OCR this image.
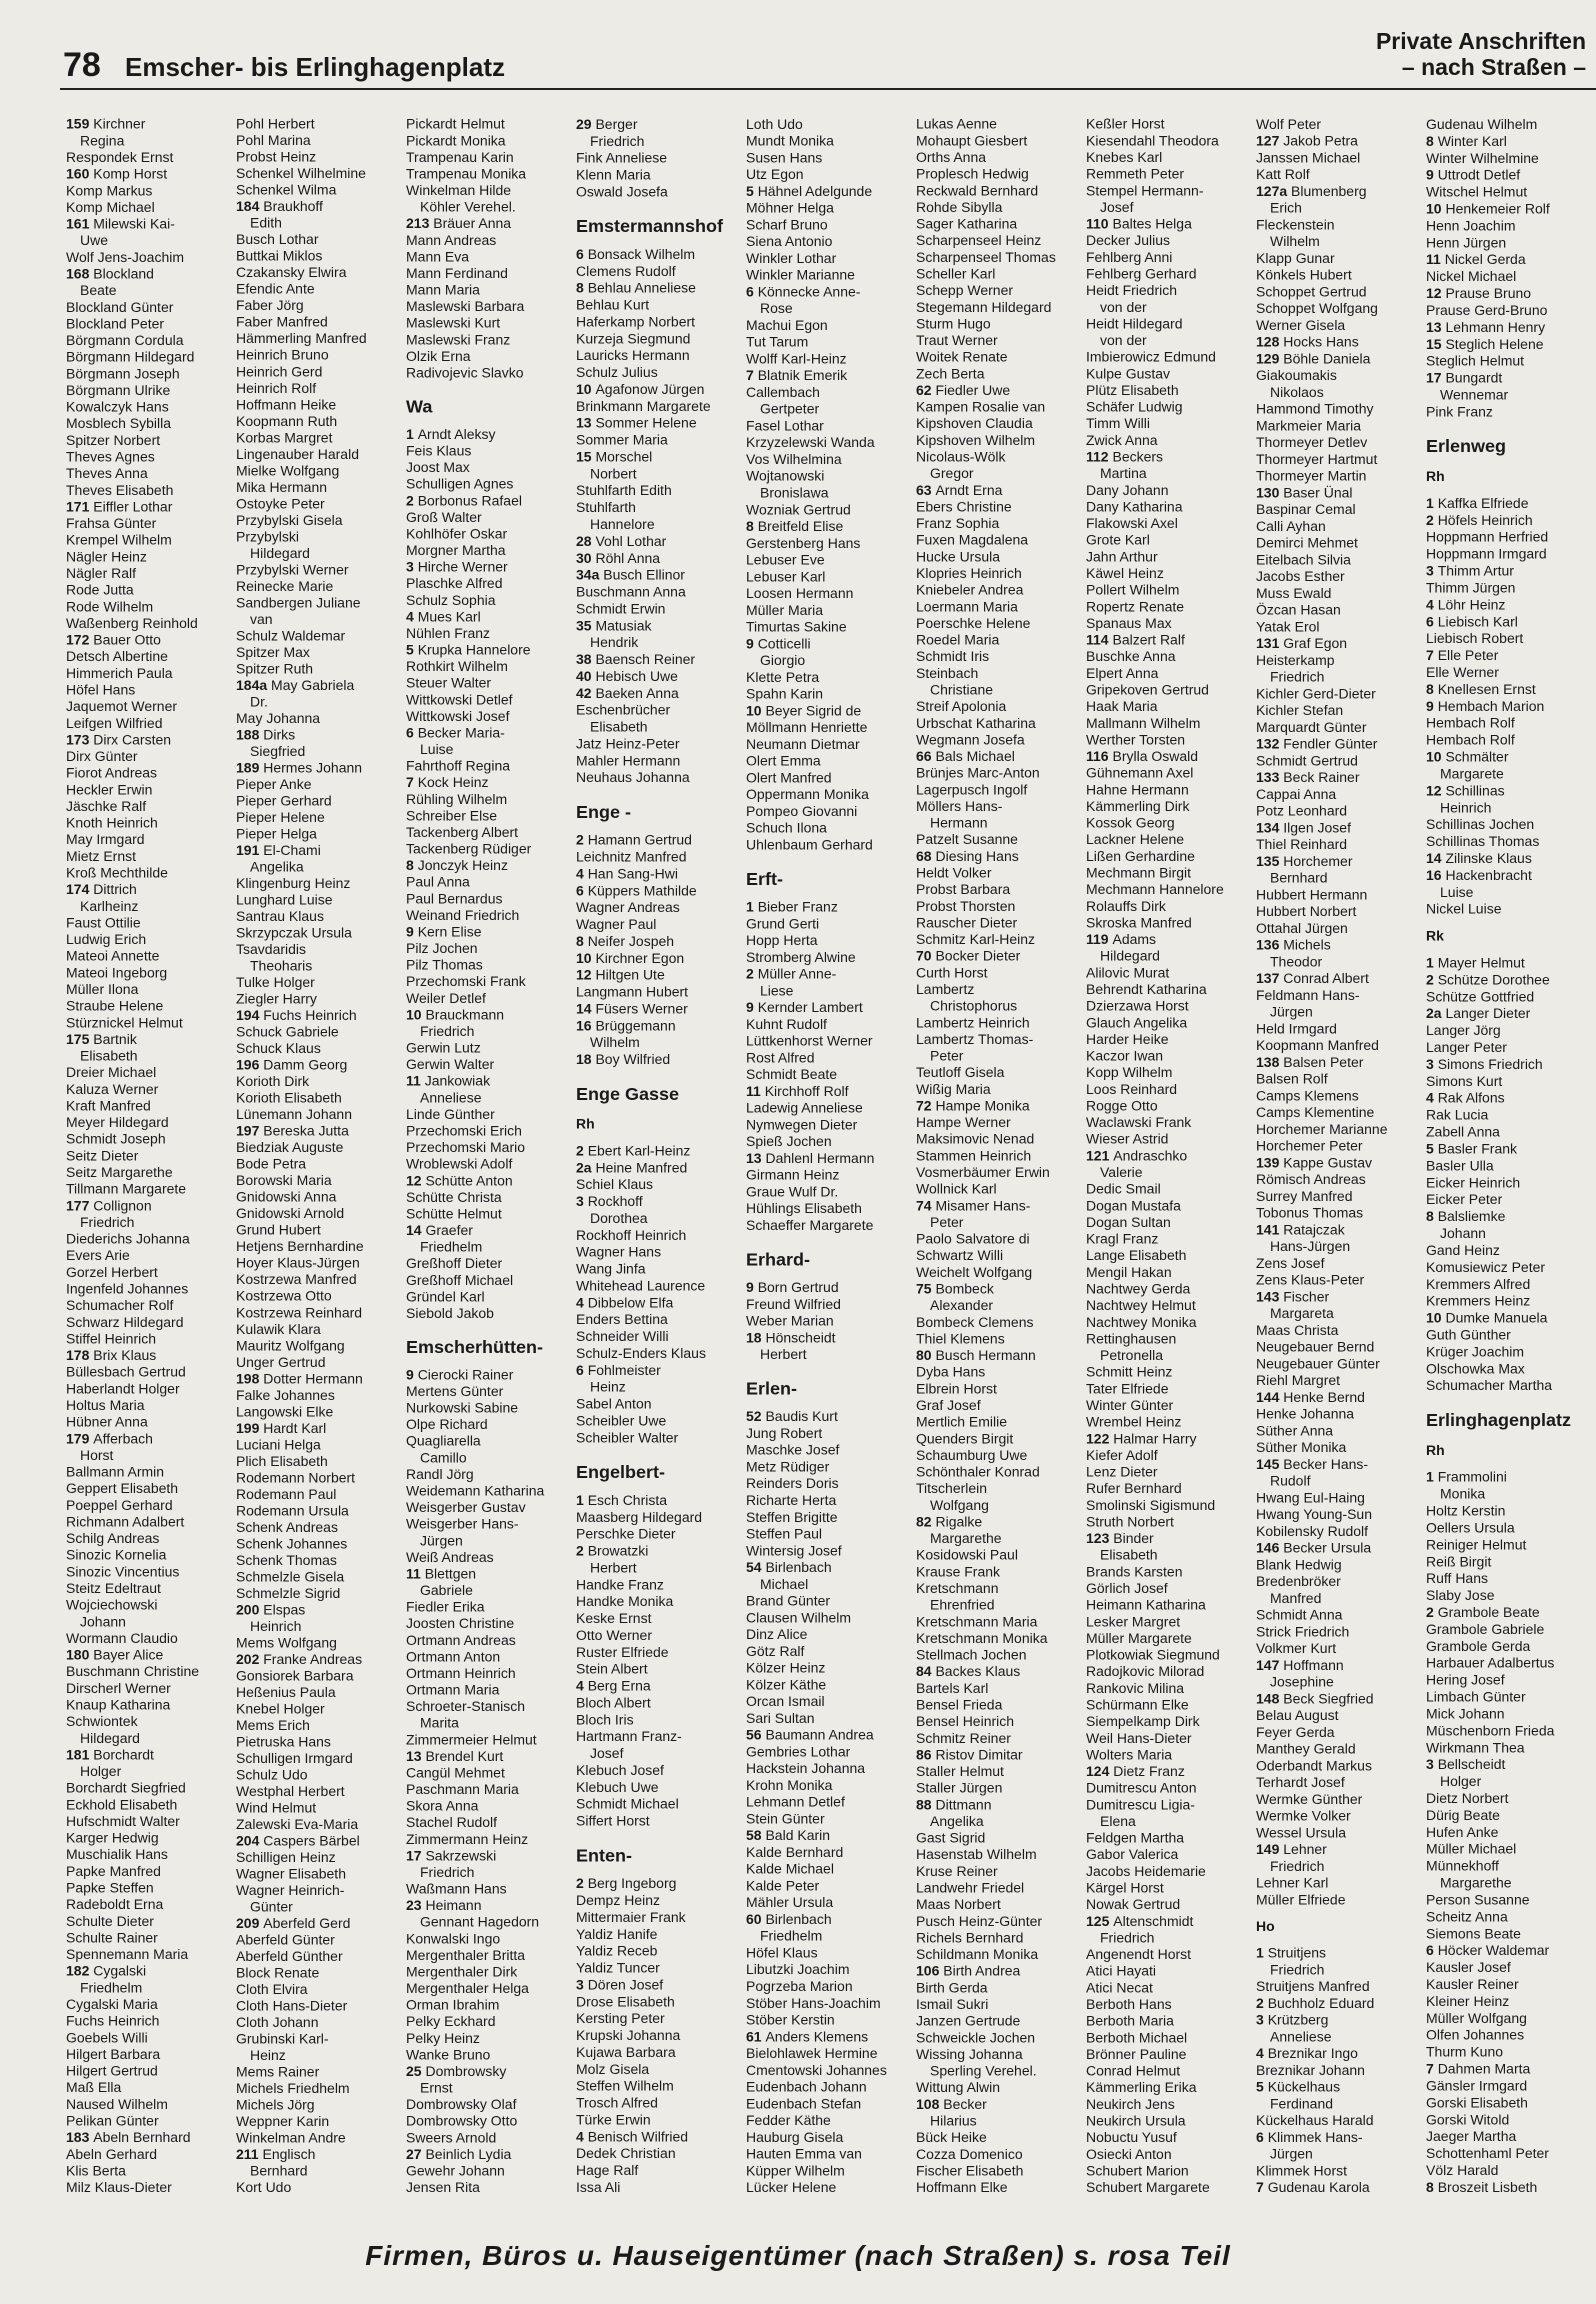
78 Emscher- bis Erlinghagenplatz
Private Anschriften
– nach Straßen –
159 Kirchner
Regina
Respondek Ernst
160 Komp Horst
Komp Markus
Komp Michael
161 Milewski Kai-
Uwe
Wolf Jens-Joachim
168 Blockland
Beate
Blockland Günter
Blockland Peter
Börgmann Cordula
Börgmann Hildegard
Börgmann Joseph
Börgmann Ulrike
Kowalczyk Hans
Mosblech Sybilla
Spitzer Norbert
Theves Agnes
Theves Anna
Theves Elisabeth
171 Eiffler Lothar
Frahsa Günter
Krempel Wilhelm
Nägler Heinz
Nägler Ralf
Rode Jutta
Rode Wilhelm
Waßenberg Reinhold
172 Bauer Otto
Detsch Albertine
Himmerich Paula
Höfel Hans
Jaquemot Werner
Leifgen Wilfried
173 Dirx Carsten
Dirx Günter
Fiorot Andreas
Heckler Erwin
Jäschke Ralf
Knoth Heinrich
May Irmgard
Mietz Ernst
Kroß Mechthilde
174 Dittrich
Karlheinz
Faust Ottilie
Ludwig Erich
Mateoi Annette
Mateoi Ingeborg
Müller Ilona
Straube Helene
Stürznickel Helmut
175 Bartnik
Elisabeth
Dreier Michael
Kaluza Werner
Kraft Manfred
Meyer Hildegard
Schmidt Joseph
Seitz Dieter
Seitz Margarethe
Tillmann Margarete
177 Collignon
Friedrich
Diederichs Johanna
Evers Arie
Gorzel Herbert
Ingenfeld Johannes
Schumacher Rolf
Schwarz Hildegard
Stiffel Heinrich
178 Brix Klaus
Büllesbach Gertrud
Haberlandt Holger
Holtus Maria
Hübner Anna
179 Afferbach
Horst
Ballmann Armin
Geppert Elisabeth
Poeppel Gerhard
Richmann Adalbert
Schilg Andreas
Sinozic Kornelia
Sinozic Vincentius
Steitz Edeltraut
Wojciechowski
Johann
Wormann Claudio
180 Bayer Alice
Buschmann Christine
Dirscherl Werner
Knaup Katharina
Schwiontek
Hildegard
181 Borchardt
Holger
Borchardt Siegfried
Eckhold Elisabeth
Hufschmidt Walter
Karger Hedwig
Muschialik Hans
Papke Manfred
Papke Steffen
Radeboldt Erna
Schulte Dieter
Schulte Rainer
Spennemann Maria
182 Cygalski
Friedhelm
Cygalski Maria
Fuchs Heinrich
Goebels Willi
Hilgert Barbara
Hilgert Gertrud
Maß Ella
Naused Wilhelm
Pelikan Günter
183 Abeln Bernhard
Abeln Gerhard
Klis Berta
Milz Klaus-Dieter
Pohl Herbert
Pohl Marina
Probst Heinz
Schenkel Wilhelmine
Schenkel Wilma
184 Braukhoff
Edith
Busch Lothar
Buttkai Miklos
Czakansky Elwira
Efendic Ante
Faber Jörg
Faber Manfred
Hämmerling Manfred
Heinrich Bruno
Heinrich Gerd
Heinrich Rolf
Hoffmann Heike
Koopmann Ruth
Korbas Margret
Lingenauber Harald
Mielke Wolfgang
Mika Hermann
Ostoyke Peter
Przybylski Gisela
Przybylski
Hildegard
Przybylski Werner
Reinecke Marie
Sandbergen Juliane
van
Schulz Waldemar
Spitzer Max
Spitzer Ruth
184a May Gabriela
Dr.
May Johanna
188 Dirks
Siegfried
189 Hermes Johann
Pieper Anke
Pieper Gerhard
Pieper Helene
Pieper Helga
191 El-Chami
Angelika
Klingenburg Heinz
Lunghard Luise
Santrau Klaus
Skrzypczak Ursula
Tsavdaridis
Theoharis
Tulke Holger
Ziegler Harry
194 Fuchs Heinrich
Schuck Gabriele
Schuck Klaus
196 Damm Georg
Korioth Dirk
Korioth Elisabeth
Lünemann Johann
197 Bereska Jutta
Biedziak Auguste
Bode Petra
Borowski Maria
Gnidowski Anna
Gnidowski Arnold
Grund Hubert
Hetjens Bernhardine
Hoyer Klaus-Jürgen
Kostrzewa Manfred
Kostrzewa Otto
Kostrzewa Reinhard
Kulawik Klara
Mauritz Wolfgang
Unger Gertrud
198 Dotter Hermann
Falke Johannes
Langowski Elke
199 Hardt Karl
Luciani Helga
Plich Elisabeth
Rodemann Norbert
Rodemann Paul
Rodemann Ursula
Schenk Andreas
Schenk Johannes
Schenk Thomas
Schmelzle Gisela
Schmelzle Sigrid
200 Elspas
Heinrich
Mems Wolfgang
202 Franke Andreas
Gonsiorek Barbara
Heßenius Paula
Knebel Holger
Mems Erich
Pietruska Hans
Schulligen Irmgard
Schulz Udo
Westphal Herbert
Wind Helmut
Zalewski Eva-Maria
204 Caspers Bärbel
Schilligen Heinz
Wagner Elisabeth
Wagner Heinrich-
Günter
209 Aberfeld Gerd
Aberfeld Günter
Aberfeld Günther
Block Renate
Cloth Elvira
Cloth Hans-Dieter
Cloth Johann
Grubinski Karl-
Heinz
Mems Rainer
Michels Friedhelm
Michels Jörg
Weppner Karin
Winkelman Andre
211 Englisch
Bernhard
Kort Udo
Pickardt Helmut
Pickardt Monika
Trampenau Karin
Trampenau Monika
Winkelman Hilde
Köhler Verehel.
213 Bräuer Anna
Mann Andreas
Mann Eva
Mann Ferdinand
Mann Maria
Maslewski Barbara
Maslewski Kurt
Maslewski Franz
Olzik Erna
Radivojevic Slavko
Wa
1 Arndt Aleksy
Feis Klaus
Joost Max
Schulligen Agnes
2 Borbonus Rafael
Groß Walter
Kohlhöfer Oskar
Morgner Martha
3 Hirche Werner
Plaschke Alfred
Schulz Sophia
4 Mues Karl
Nühlen Franz
5 Krupka Hannelore
Rothkirt Wilhelm
Steuer Walter
Wittkowski Detlef
Wittkowski Josef
6 Becker Maria-
Luise
Fahrthoff Regina
7 Kock Heinz
Rühling Wilhelm
Schreiber Else
Tackenberg Albert
Tackenberg Rüdiger
8 Jonczyk Heinz
Paul Anna
Paul Bernardus
Weinand Friedrich
9 Kern Elise
Pilz Jochen
Pilz Thomas
Przechomski Frank
Weiler Detlef
10 Brauckmann
Friedrich
Gerwin Lutz
Gerwin Walter
11 Jankowiak
Anneliese
Linde Günther
Przechomski Erich
Przechomski Mario
Wroblewski Adolf
12 Schütte Anton
Schütte Christa
Schütte Helmut
14 Graefer
Friedhelm
Greßhoff Dieter
Greßhoff Michael
Gründel Karl
Siebold Jakob
Emscherhütten-
9 Cierocki Rainer
Mertens Günter
Nurkowski Sabine
Olpe Richard
Quagliarella
Camillo
Randl Jörg
Weidemann Katharina
Weisgerber Gustav
Weisgerber Hans-
Jürgen
Weiß Andreas
11 Blettgen
Gabriele
Fiedler Erika
Joosten Christine
Ortmann Andreas
Ortmann Anton
Ortmann Heinrich
Ortmann Maria
Schroeter-Stanisch
Marita
Zimmermeier Helmut
13 Brendel Kurt
Cangül Mehmet
Paschmann Maria
Skora Anna
Stachel Rudolf
Zimmermann Heinz
17 Sakrzewski
Friedrich
Waßmann Hans
23 Heimann
Gennant Hagedorn
Konwalski Ingo
Mergenthaler Britta
Mergenthaler Dirk
Mergenthaler Helga
Orman Ibrahim
Pelky Eckhard
Pelky Heinz
Wanke Bruno
25 Dombrowsky
Ernst
Dombrowsky Olaf
Dombrowsky Otto
Sweers Arnold
27 Beinlich Lydia
Gewehr Johann
Jensen Rita
29 Berger
Friedrich
Fink Anneliese
Klenn Maria
Oswald Josefa
Emstermannshof
6 Bonsack Wilhelm
Clemens Rudolf
8 Behlau Anneliese
Behlau Kurt
Haferkamp Norbert
Kurzeja Siegmund
Lauricks Hermann
Schulz Julius
10 Agafonow Jürgen
Brinkmann Margarete
13 Sommer Helene
Sommer Maria
15 Morschel
Norbert
Stuhlfarth Edith
Stuhlfarth
Hannelore
28 Vohl Lothar
30 Röhl Anna
34a Busch Ellinor
Buschmann Anna
Schmidt Erwin
35 Matusiak
Hendrik
38 Baensch Reiner
40 Hebisch Uwe
42 Baeken Anna
Eschenbrücher
Elisabeth
Jatz Heinz-Peter
Mahler Hermann
Neuhaus Johanna
Enge -
2 Hamann Gertrud
Leichnitz Manfred
4 Han Sang-Hwi
6 Küppers Mathilde
Wagner Andreas
Wagner Paul
8 Neifer Jospeh
10 Kirchner Egon
12 Hiltgen Ute
Langmann Hubert
14 Füsers Werner
16 Brüggemann
Wilhelm
18 Boy Wilfried
Enge Gasse
Rh
2 Ebert Karl-Heinz
2a Heine Manfred
Schiel Klaus
3 Rockhoff
Dorothea
Rockhoff Heinrich
Wagner Hans
Wang Jinfa
Whitehead Laurence
4 Dibbelow Elfa
Enders Bettina
Schneider Willi
Schulz-Enders Klaus
6 Fohlmeister
Heinz
Sabel Anton
Scheibler Uwe
Scheibler Walter
Engelbert-
1 Esch Christa
Maasberg Hildegard
Perschke Dieter
2 Browatzki
Herbert
Handke Franz
Handke Monika
Keske Ernst
Otto Werner
Ruster Elfriede
Stein Albert
4 Berg Erna
Bloch Albert
Bloch Iris
Hartmann Franz-
Josef
Klebuch Josef
Klebuch Uwe
Schmidt Michael
Siffert Horst
Enten-
2 Berg Ingeborg
Dempz Heinz
Mittermaier Frank
Yaldiz Hanife
Yaldiz Receb
Yaldiz Tuncer
3 Dören Josef
Drose Elisabeth
Kersting Peter
Krupski Johanna
Kujawa Barbara
Molz Gisela
Steffen Wilhelm
Trosch Alfred
Türke Erwin
4 Benisch Wilfried
Dedek Christian
Hage Ralf
Issa Ali
Loth Udo
Mundt Monika
Susen Hans
Utz Egon
5 Hähnel Adelgunde
Möhner Helga
Scharf Bruno
Siena Antonio
Winkler Lothar
Winkler Marianne
6 Könnecke Anne-
Rose
Machui Egon
Tut Tarum
Wolff Karl-Heinz
7 Blatnik Emerik
Callembach
Gertpeter
Fasel Lothar
Krzyzelewski Wanda
Vos Wilhelmina
Wojtanowski
Bronislawa
Wozniak Gertrud
8 Breitfeld Elise
Gerstenberg Hans
Lebuser Eve
Lebuser Karl
Loosen Hermann
Müller Maria
Timurtas Sakine
9 Cotticelli
Giorgio
Klette Petra
Spahn Karin
10 Beyer Sigrid de
Möllmann Henriette
Neumann Dietmar
Olert Emma
Olert Manfred
Oppermann Monika
Pompeo Giovanni
Schuch Ilona
Uhlenbaum Gerhard
Erft-
1 Bieber Franz
Grund Gerti
Hopp Herta
Stromberg Alwine
2 Müller Anne-
Liese
9 Kernder Lambert
Kuhnt Rudolf
Lüttkenhorst Werner
Rost Alfred
Schmidt Beate
11 Kirchhoff Rolf
Ladewig Anneliese
Nymwegen Dieter
Spieß Jochen
13 Dahlenl Hermann
Girmann Heinz
Graue Wulf Dr.
Hühlings Elisabeth
Schaeffer Margarete
Erhard-
9 Born Gertrud
Freund Wilfried
Weber Marian
18 Hönscheidt
Herbert
Erlen-
52 Baudis Kurt
Jung Robert
Maschke Josef
Metz Rüdiger
Reinders Doris
Richarte Herta
Steffen Brigitte
Steffen Paul
Wintersig Josef
54 Birlenbach
Michael
Brand Günter
Clausen Wilhelm
Dinz Alice
Götz Ralf
Kölzer Heinz
Kölzer Käthe
Orcan Ismail
Sari Sultan
56 Baumann Andrea
Gembries Lothar
Hackstein Johanna
Krohn Monika
Lehmann Detlef
Stein Günter
58 Bald Karin
Kalde Bernhard
Kalde Michael
Kalde Peter
Mähler Ursula
60 Birlenbach
Friedhelm
Höfel Klaus
Libutzki Joachim
Pogrzeba Marion
Stöber Hans-Joachim
Stöber Kerstin
61 Anders Klemens
Bielohlawek Hermine
Cmentowski Johannes
Eudenbach Johann
Eudenbach Stefan
Fedder Käthe
Hauburg Gisela
Hauten Emma van
Küpper Wilhelm
Lücker Helene
Lukas Aenne
Mohaupt Giesbert
Orths Anna
Proplesch Hedwig
Reckwald Bernhard
Rohde Sibylla
Sager Katharina
Scharpenseel Heinz
Scharpenseel Thomas
Scheller Karl
Schepp Werner
Stegemann Hildegard
Sturm Hugo
Traut Werner
Woitek Renate
Zech Berta
62 Fiedler Uwe
Kampen Rosalie van
Kipshoven Claudia
Kipshoven Wilhelm
Nicolaus-Wölk
Gregor
63 Arndt Erna
Ebers Christine
Franz Sophia
Fuxen Magdalena
Hucke Ursula
Klopries Heinrich
Kniebeler Andrea
Loermann Maria
Poerschke Helene
Roedel Maria
Schmidt Iris
Steinbach
Christiane
Streif Apolonia
Urbschat Katharina
Wegmann Josefa
66 Bals Michael
Brünjes Marc-Anton
Lagerpusch Ingolf
Möllers Hans-
Hermann
Patzelt Susanne
68 Diesing Hans
Heldt Volker
Probst Barbara
Probst Thorsten
Rauscher Dieter
Schmitz Karl-Heinz
70 Bocker Dieter
Curth Horst
Lambertz
Christophorus
Lambertz Heinrich
Lambertz Thomas-
Peter
Teutloff Gisela
Wißig Maria
72 Hampe Monika
Hampe Werner
Maksimovic Nenad
Stammen Heinrich
Vosmerbäumer Erwin
Wollnick Karl
74 Misamer Hans-
Peter
Paolo Salvatore di
Schwartz Willi
Weichelt Wolfgang
75 Bombeck
Alexander
Bombeck Clemens
Thiel Klemens
80 Busch Hermann
Dyba Hans
Elbrein Horst
Graf Josef
Mertlich Emilie
Quenders Birgit
Schaumburg Uwe
Schönthaler Konrad
Titscherlein
Wolfgang
82 Rigalke
Margarethe
Kosidowski Paul
Krause Frank
Kretschmann
Ehrenfried
Kretschmann Maria
Kretschmann Monika
Stellmach Jochen
84 Backes Klaus
Bartels Karl
Bensel Frieda
Bensel Heinrich
Schmitz Reiner
86 Ristov Dimitar
Staller Helmut
Staller Jürgen
88 Dittmann
Angelika
Gast Sigrid
Hasenstab Wilhelm
Kruse Reiner
Landwehr Friedel
Maas Norbert
Pusch Heinz-Günter
Richels Bernhard
Schildmann Monika
106 Birth Andrea
Birth Gerda
Ismail Sukri
Janzen Gertrude
Schweickle Jochen
Wissing Johanna
Sperling Verehel.
Wittung Alwin
108 Becker
Hilarius
Bück Heike
Cozza Domenico
Fischer Elisabeth
Hoffmann Elke
Keßler Horst
Kiesendahl Theodora
Knebes Karl
Remmeth Peter
Stempel Hermann-
Josef
110 Baltes Helga
Decker Julius
Fehlberg Anni
Fehlberg Gerhard
Heidt Friedrich
von der
Heidt Hildegard
von der
Imbierowicz Edmund
Kulpe Gustav
Plütz Elisabeth
Schäfer Ludwig
Timm Willi
Zwick Anna
112 Beckers
Martina
Dany Johann
Dany Katharina
Flakowski Axel
Grote Karl
Jahn Arthur
Käwel Heinz
Pollert Wilhelm
Ropertz Renate
Spanaus Max
114 Balzert Ralf
Buschke Anna
Elpert Anna
Gripekoven Gertrud
Haak Maria
Mallmann Wilhelm
Werther Torsten
116 Brylla Oswald
Gühnemann Axel
Hahne Hermann
Kämmerling Dirk
Kossok Georg
Lackner Helene
Lißen Gerhardine
Mechmann Birgit
Mechmann Hannelore
Rolauffs Dirk
Skroska Manfred
119 Adams
Hildegard
Alilovic Murat
Behrendt Katharina
Dzierzawa Horst
Glauch Angelika
Harder Heike
Kaczor Iwan
Kopp Wilhelm
Loos Reinhard
Rogge Otto
Waclawski Frank
Wieser Astrid
121 Andraschko
Valerie
Dedic Smail
Dogan Mustafa
Dogan Sultan
Kragl Franz
Lange Elisabeth
Mengil Hakan
Nachtwey Gerda
Nachtwey Helmut
Nachtwey Monika
Rettinghausen
Petronella
Schmitt Heinz
Tater Elfriede
Winter Günter
Wrembel Heinz
122 Halmar Harry
Kiefer Adolf
Lenz Dieter
Rufer Bernhard
Smolinski Sigismund
Struth Norbert
123 Binder
Elisabeth
Brands Karsten
Görlich Josef
Heimann Katharina
Lesker Margret
Müller Margarete
Plotkowiak Siegmund
Radojkovic Milorad
Rankovic Milina
Schürmann Elke
Siempelkamp Dirk
Weil Hans-Dieter
Wolters Maria
124 Dietz Franz
Dumitrescu Anton
Dumitrescu Ligia-
Elena
Feldgen Martha
Gabor Valerica
Jacobs Heidemarie
Kärgel Horst
Nowak Gertrud
125 Altenschmidt
Friedrich
Angenendt Horst
Atici Hayati
Atici Necat
Berboth Hans
Berboth Maria
Berboth Michael
Brönner Pauline
Conrad Helmut
Kämmerling Erika
Neukirch Jens
Neukirch Ursula
Nobuctu Yusuf
Osiecki Anton
Schubert Marion
Schubert Margarete
Wolf Peter
127 Jakob Petra
Janssen Michael
Katt Rolf
127a Blumenberg
Erich
Fleckenstein
Wilhelm
Klapp Gunar
Könkels Hubert
Schoppet Gertrud
Schoppet Wolfgang
Werner Gisela
128 Hocks Hans
129 Böhle Daniela
Giakoumakis
Nikolaos
Hammond Timothy
Markmeier Maria
Thormeyer Detlev
Thormeyer Hartmut
Thormeyer Martin
130 Baser Ünal
Baspinar Cemal
Calli Ayhan
Demirci Mehmet
Eitelbach Silvia
Jacobs Esther
Muss Ewald
Özcan Hasan
Yatak Erol
131 Graf Egon
Heisterkamp
Friedrich
Kichler Gerd-Dieter
Kichler Stefan
Marquardt Günter
132 Fendler Günter
Schmidt Gertrud
133 Beck Rainer
Cappai Anna
Potz Leonhard
134 Ilgen Josef
Thiel Reinhard
135 Horchemer
Bernhard
Hubbert Hermann
Hubbert Norbert
Ottahal Jürgen
136 Michels
Theodor
137 Conrad Albert
Feldmann Hans-
Jürgen
Held Irmgard
Koopmann Manfred
138 Balsen Peter
Balsen Rolf
Camps Klemens
Camps Klementine
Horchemer Marianne
Horchemer Peter
139 Kappe Gustav
Römisch Andreas
Surrey Manfred
Tobonus Thomas
141 Ratajczak
Hans-Jürgen
Zens Josef
Zens Klaus-Peter
143 Fischer
Margareta
Maas Christa
Neugebauer Bernd
Neugebauer Günter
Riehl Margret
144 Henke Bernd
Henke Johanna
Süther Anna
Süther Monika
145 Becker Hans-
Rudolf
Hwang Eul-Haing
Hwang Young-Sun
Kobilensky Rudolf
146 Becker Ursula
Blank Hedwig
Bredenbröker
Manfred
Schmidt Anna
Strick Friedrich
Volkmer Kurt
147 Hoffmann
Josephine
148 Beck Siegfried
Belau August
Feyer Gerda
Manthey Gerald
Oderbandt Markus
Terhardt Josef
Wermke Günther
Wermke Volker
Wessel Ursula
149 Lehner
Friedrich
Lehner Karl
Müller Elfriede
Ho
1 Struitjens
Friedrich
Struitjens Manfred
2 Buchholz Eduard
3 Krützberg
Anneliese
4 Breznikar Ingo
Breznikar Johann
5 Kückelhaus
Ferdinand
Kückelhaus Harald
6 Klimmek Hans-
Jürgen
Klimmek Horst
7 Gudenau Karola
Gudenau Wilhelm
8 Winter Karl
Winter Wilhelmine
9 Uttrodt Detlef
Witschel Helmut
10 Henkemeier Rolf
Henn Joachim
Henn Jürgen
11 Nickel Gerda
Nickel Michael
12 Prause Bruno
Prause Gerd-Bruno
13 Lehmann Henry
15 Steglich Helene
Steglich Helmut
17 Bungardt
Wennemar
Pink Franz
Erlenweg
Rh
1 Kaffka Elfriede
2 Höfels Heinrich
Hoppmann Herfried
Hoppmann Irmgard
3 Thimm Artur
Thimm Jürgen
4 Löhr Heinz
6 Liebisch Karl
Liebisch Robert
7 Elle Peter
Elle Werner
8 Knellesen Ernst
9 Hembach Marion
Hembach Rolf
Hembach Rolf
10 Schmälter
Margarete
12 Schillinas
Heinrich
Schillinas Jochen
Schillinas Thomas
14 Zilinske Klaus
16 Hackenbracht
Luise
Nickel Luise
Rk
1 Mayer Helmut
2 Schütze Dorothee
Schütze Gottfried
2a Langer Dieter
Langer Jörg
Langer Peter
3 Simons Friedrich
Simons Kurt
4 Rak Alfons
Rak Lucia
Zabell Anna
5 Basler Frank
Basler Ulla
Eicker Heinrich
Eicker Peter
8 Balsliemke
Johann
Gand Heinz
Komusiewicz Peter
Kremmers Alfred
Kremmers Heinz
10 Dumke Manuela
Guth Günther
Krüger Joachim
Olschowka Max
Schumacher Martha
Erlinghagenplatz
Rh
1 Frammolini
Monika
Holtz Kerstin
Oellers Ursula
Reiniger Helmut
Reiß Birgit
Ruff Hans
Slaby Jose
2 Grambole Beate
Grambole Gabriele
Grambole Gerda
Harbauer Adalbertus
Hering Josef
Limbach Günter
Mick Johann
Müschenborn Frieda
Wirkmann Thea
3 Bellscheidt
Holger
Dietz Norbert
Dürig Beate
Hufen Anke
Müller Michael
Münnekhoff
Margarethe
Person Susanne
Scheitz Anna
Siemons Beate
6 Höcker Waldemar
Kausler Josef
Kausler Reiner
Kleiner Heinz
Müller Wolfgang
Olfen Johannes
Thurm Kuno
7 Dahmen Marta
Gänsler Irmgard
Gorski Elisabeth
Gorski Witold
Jaeger Martha
Schottenhaml Peter
Völz Harald
8 Broszeit Lisbeth
Firmen, Büros u. Hauseigentümer (nach Straßen) s. rosa Teil
